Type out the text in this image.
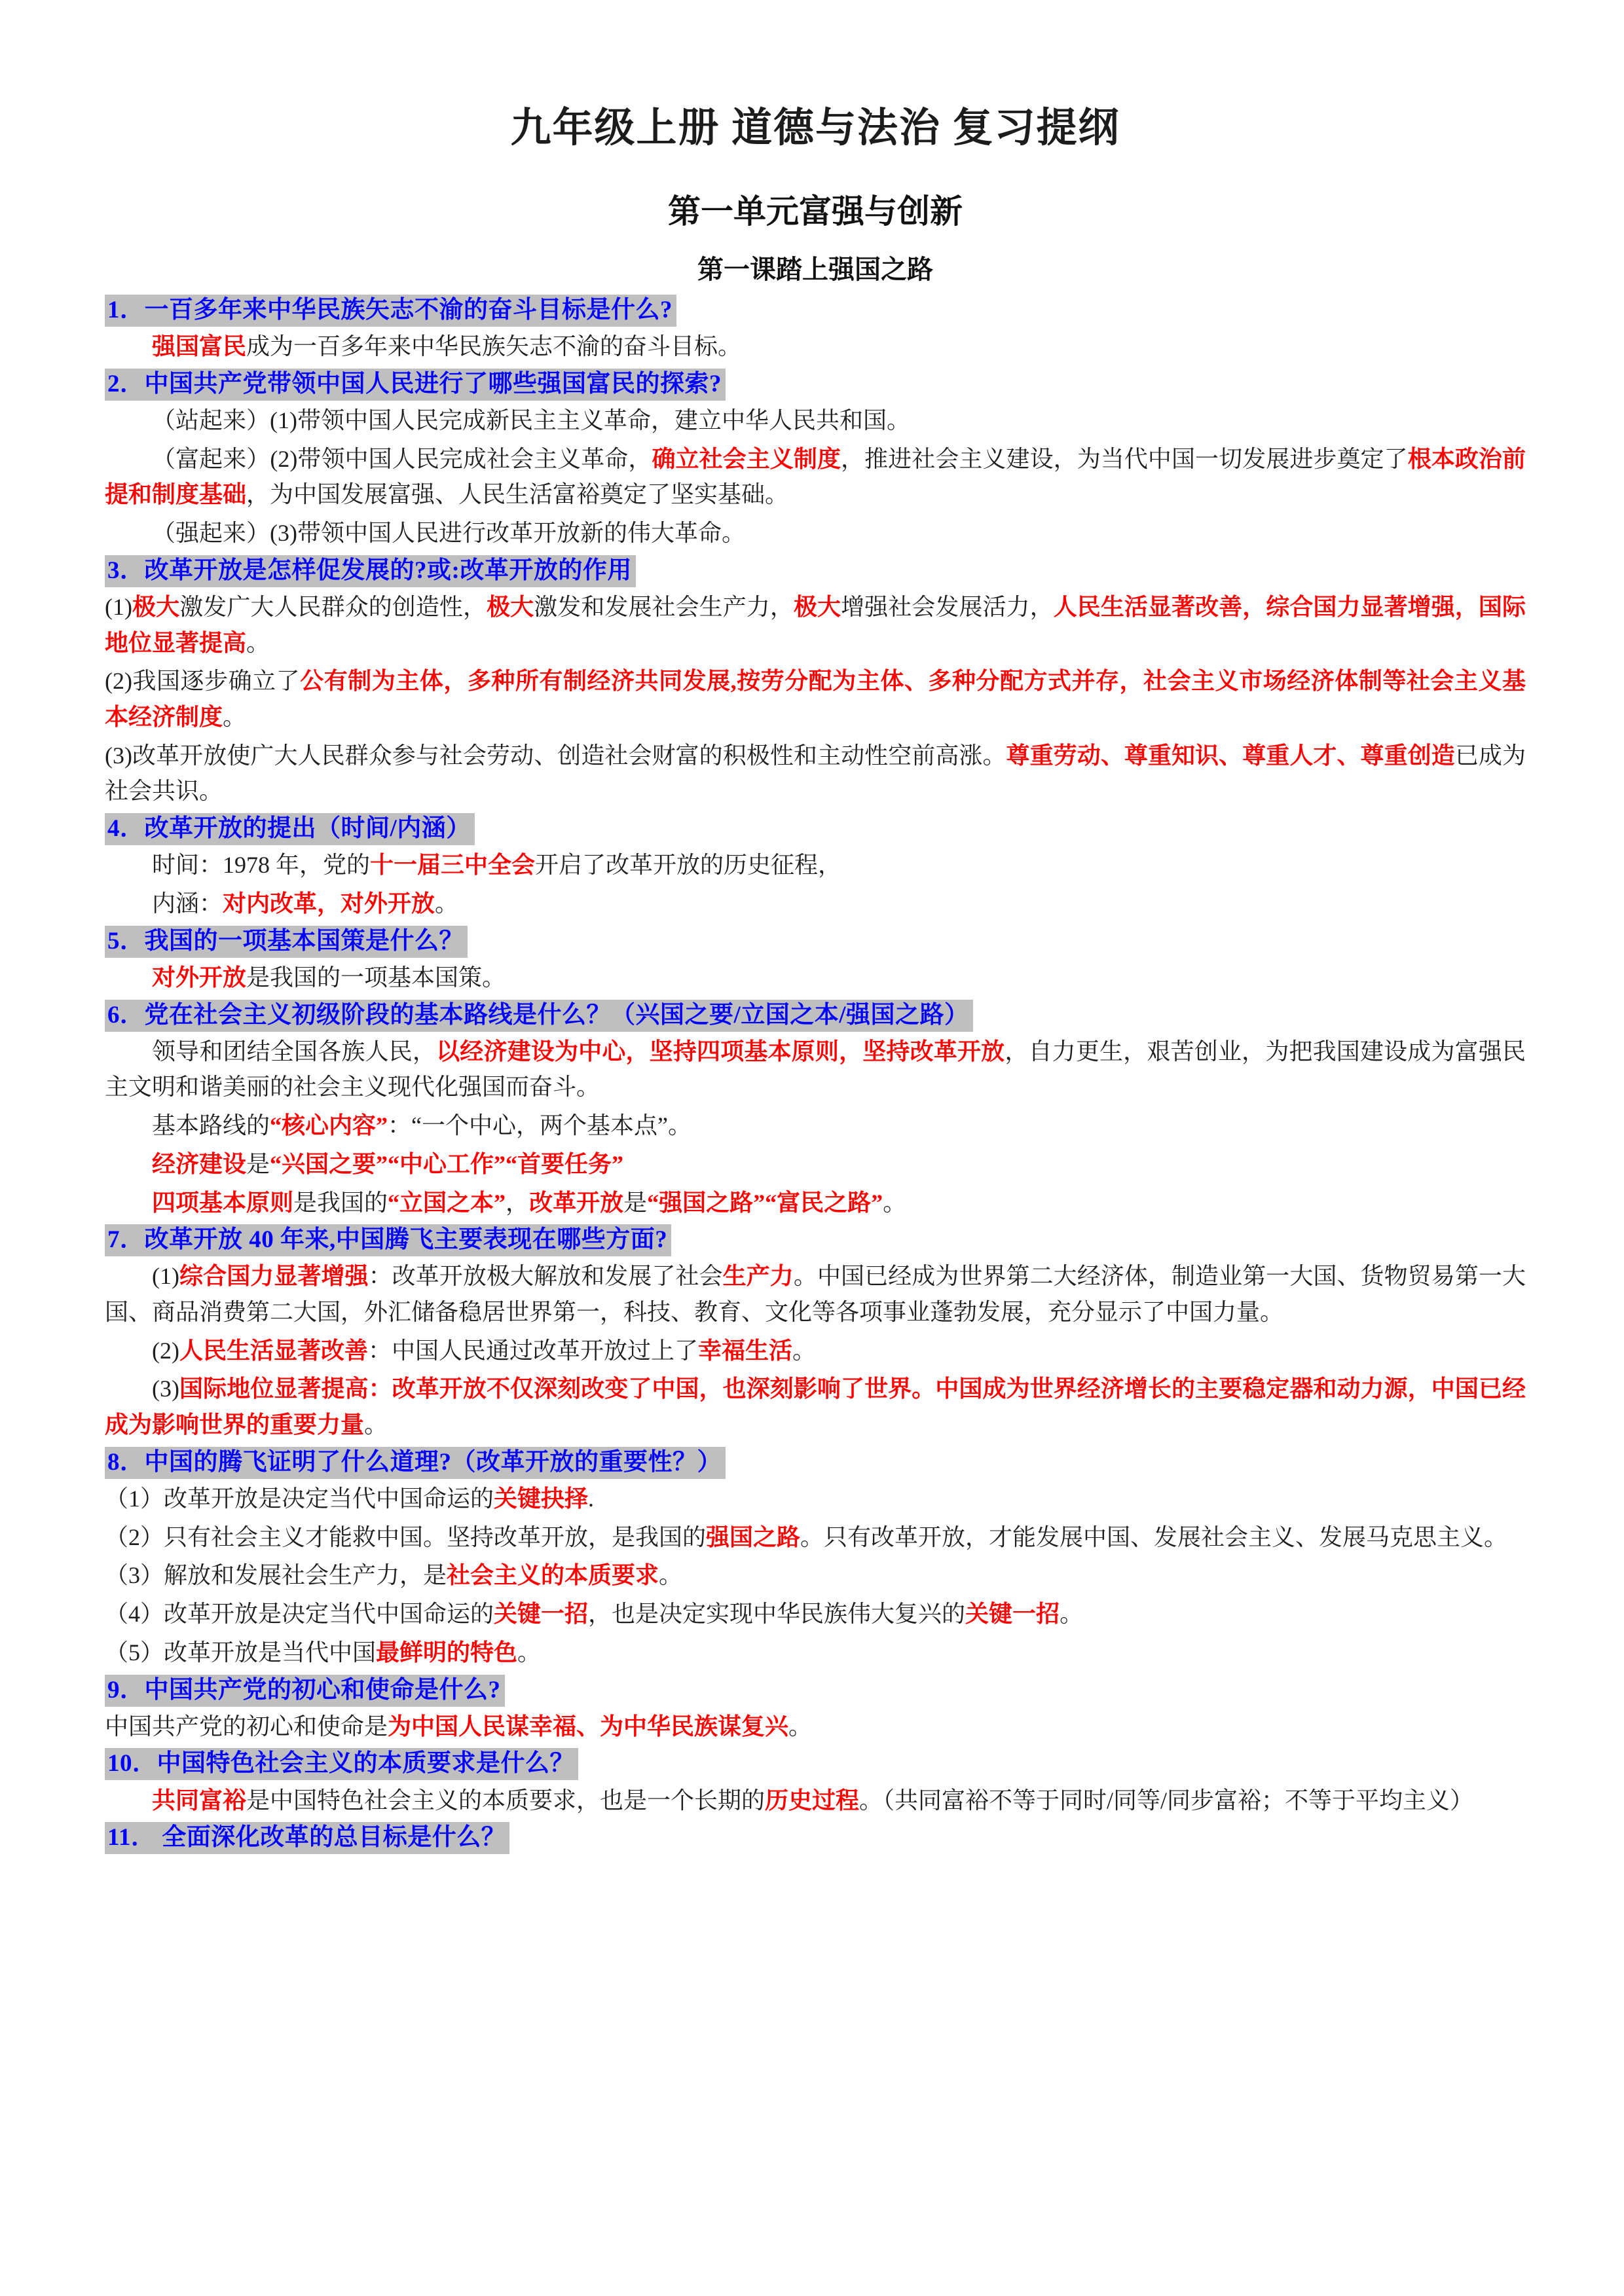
九年级上册 道德与法治 复习提纲
第一单元富强与创新
第一课踏上强国之路
1．一百多年来中华民族矢志不渝的奋斗目标是什么?

强国富民成为一百多年来中华民族矢志不渝的奋斗目标。

2．中国共产党带领中国人民进行了哪些强国富民的探索?

（站起来）(1)带领中国人民完成新民主主义革命，建立中华人民共和国。

（富起来）(2)带领中国人民完成社会主义革命，确立社会主义制度，推进社会主义建设，为当代中国一切发展进步奠定了根本政治前提和制度基础，为中国发展富强、人民生活富裕奠定了坚实基础。

（强起来）(3)带领中国人民进行改革开放新的伟大革命。

3．改革开放是怎样促发展的?或:改革开放的作用

(1)极大激发广大人民群众的创造性，极大激发和发展社会生产力，极大增强社会发展活力，人民生活显著改善，综合国力显著增强，国际地位显著提高。

(2)我国逐步确立了公有制为主体，多种所有制经济共同发展,按劳分配为主体、多种分配方式并存，社会主义市场经济体制等社会主义基本经济制度。

(3)改革开放使广大人民群众参与社会劳动、创造社会财富的积极性和主动性空前高涨。尊重劳动、尊重知识、尊重人才、尊重创造已成为社会共识。

4．改革开放的提出（时间/内涵）

时间：1978 年，党的十一届三中全会开启了改革开放的历史征程，

内涵：对内改革，对外开放。

5．我国的一项基本国策是什么？

对外开放是我国的一项基本国策。

6．党在社会主义初级阶段的基本路线是什么？（兴国之要/立国之本/强国之路）

领导和团结全国各族人民，以经济建设为中心，坚持四项基本原则，坚持改革开放，自力更生，艰苦创业，为把我国建设成为富强民主文明和谐美丽的社会主义现代化强国而奋斗。

基本路线的“核心内容”：“一个中心，两个基本点”。

经济建设是“兴国之要”“中心工作”“首要任务”

四项基本原则是我国的“立国之本”，改革开放是“强国之路”“富民之路”。

7．改革开放 40 年来,中国腾飞主要表现在哪些方面?

(1)综合国力显著增强：改革开放极大解放和发展了社会生产力。中国已经成为世界第二大经济体，制造业第一大国、货物贸易第一大国、商品消费第二大国，外汇储备稳居世界第一，科技、教育、文化等各项事业蓬勃发展，充分显示了中国力量。

(2)人民生活显著改善：中国人民通过改革开放过上了幸福生活。

(3)国际地位显著提高：改革开放不仅深刻改变了中国，也深刻影响了世界。中国成为世界经济增长的主要稳定器和动力源，中国已经成为影响世界的重要力量。

8．中国的腾飞证明了什么道理?（改革开放的重要性？）

（1）改革开放是决定当代中国命运的关键抉择.

（2）只有社会主义才能救中国。坚持改革开放，是我国的强国之路。只有改革开放，才能发展中国、发展社会主义、发展马克思主义。

（3）解放和发展社会生产力，是社会主义的本质要求。

（4）改革开放是决定当代中国命运的关键一招，也是决定实现中华民族伟大复兴的关键一招。

（5）改革开放是当代中国最鲜明的特色。

9．中国共产党的初心和使命是什么?

中国共产党的初心和使命是为中国人民谋幸福、为中华民族谋复兴。

10．中国特色社会主义的本质要求是什么？

共同富裕是中国特色社会主义的本质要求，也是一个长期的历史过程。（共同富裕不等于同时/同等/同步富裕；不等于平均主义）

11． 全面深化改革的总目标是什么？
